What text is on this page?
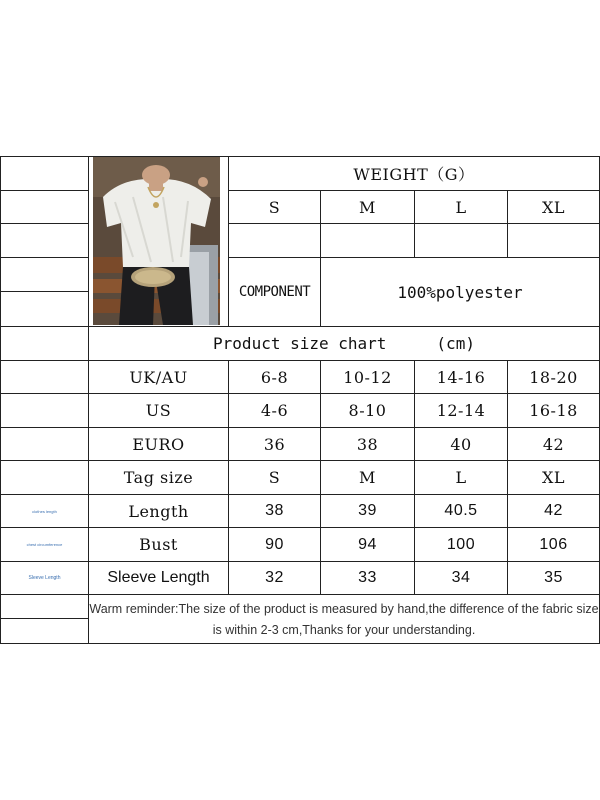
WEIGHT（G）
S	M	L	XL
COMPONENT	100%polyester
Product size chart	(cm)
UK/AU	6-8	10-12	14-16	18-20
US	4-6	8-10	12-14	16-18
EURO	36	38	40	42
Tag size	S	M	L	XL
clothes length	Length	38	39	40.5	42
chest circumference	Bust	90	94	100	106
Sleeve Length	Sleeve Length	32	33	34	35
Warm reminder:The size of the product is measured by hand,the difference of the fabric size is within 2-3 cm,Thanks for your understanding.
